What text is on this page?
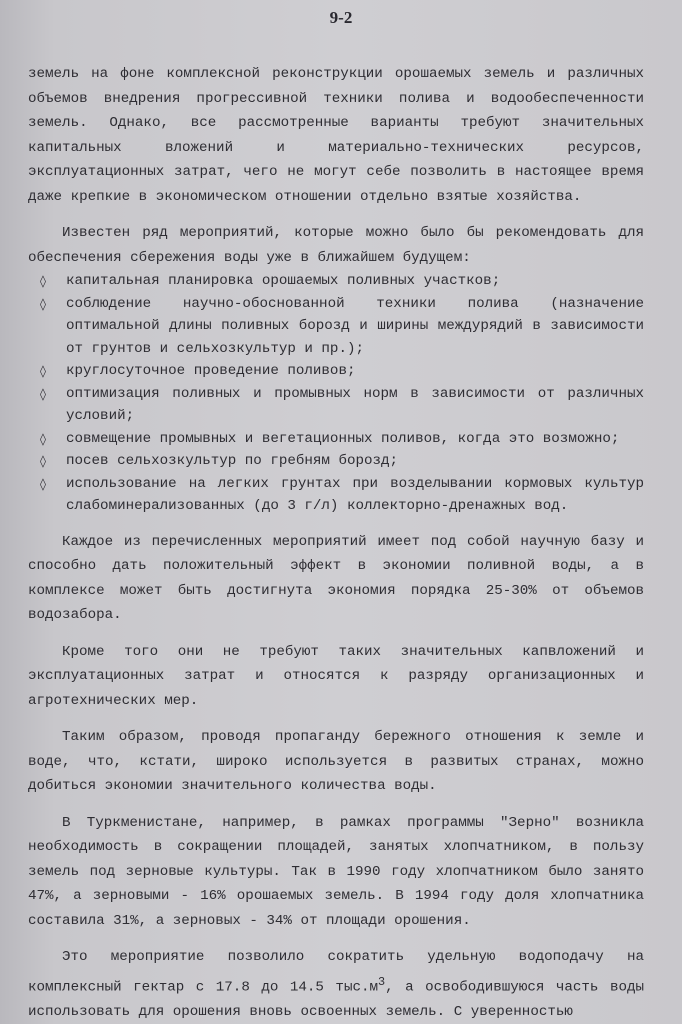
9-2

земель на фоне комплексной реконструкции орошаемых земель и различных объемов внедрения прогрессивной техники полива и водообеспеченности земель. Однако, все рассмотренные варианты требуют значительных капитальных вложений и материально-технических ресурсов, эксплуатационных затрат, чего не могут себе позволить в настоящее время даже крепкие в экономическом отношении отдельно взятые хозяйства.

Известен ряд мероприятий, которые можно было бы рекомендовать для обеспечения сбережения воды уже в ближайшем будущем:

◊ капитальная планировка орошаемых поливных участков;
◊ соблюдение научно-обоснованной техники полива (назначение оптимальной длины поливных борозд и ширины междурядий в зависимости от грунтов и сельхозкультур и пр.);
◊ круглосуточное проведение поливов;
◊ оптимизация поливных и промывных норм в зависимости от различных условий;
◊ совмещение промывных и вегетационных поливов, когда это возможно;
◊ посев сельхозкультур по гребням борозд;
◊ использование на легких грунтах при возделывании кормовых культур слабоминерализованных (до 3 г/л) коллекторно-дренажных вод.

Каждое из перечисленных мероприятий имеет под собой научную базу и способно дать положительный эффект в экономии поливной воды, а в комплексе может быть достигнута экономия порядка 25-30% от объемов водозабора.

Кроме того они не требуют таких значительных капвложений и эксплуатационных затрат и относятся к разряду организационных и агротехнических мер.

Таким образом, проводя пропаганду бережного отношения к земле и воде, что, кстати, широко используется в развитых странах, можно добиться экономии значительного количества воды.

В Туркменистане, например, в рамках программы "Зерно" возникла необходимость в сокращении площадей, занятых хлопчатником, в пользу земель под зерновые культуры. Так в 1990 году хлопчатником было занято 47%, а зерновыми - 16% орошаемых земель. В 1994 году доля хлопчатника составила 31%, а зерновых - 34% от площади орошения.

Это мероприятие позволило сократить удельную водоподачу на комплексный гектар с 17.8 до 14.5 $тыс.м^3$, а освободившуюся часть воды использовать для орошения вновь освоенных земель. С уверенностью
